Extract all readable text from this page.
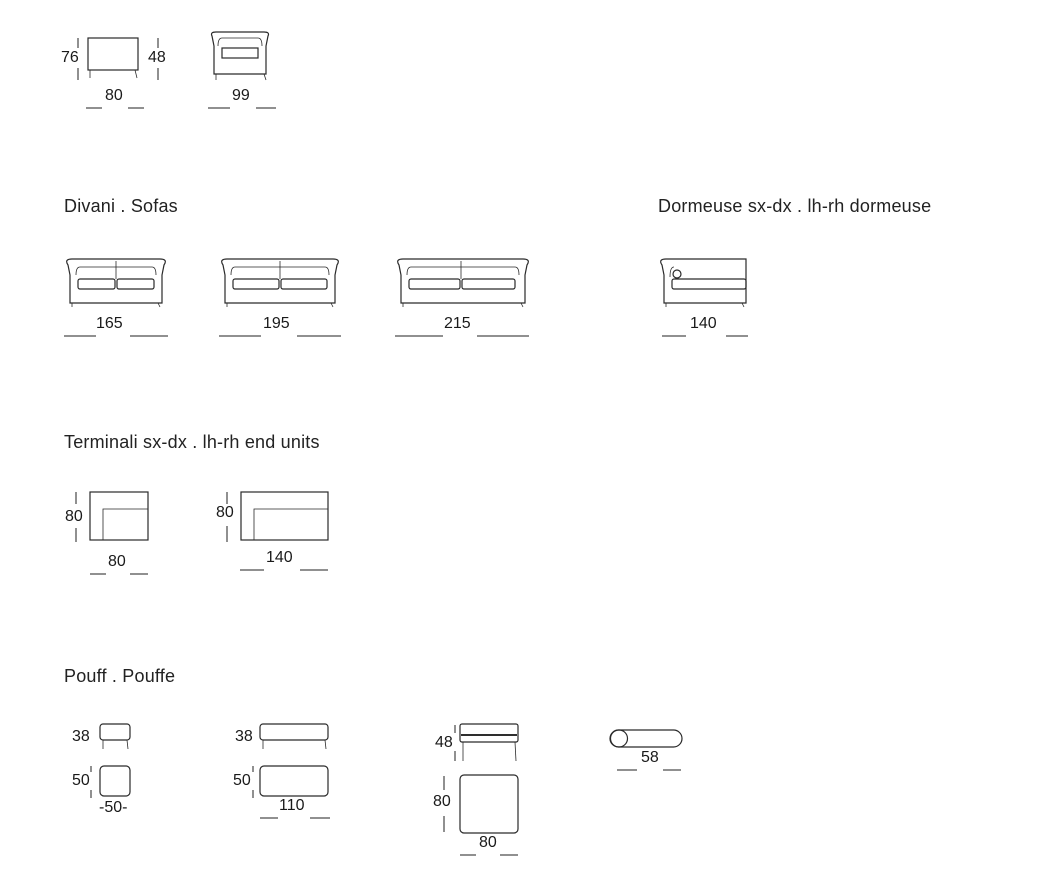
76	48
80	99
Divani . Sofas
165	195	215
Dormeuse sx-dx . lh-rh dormeuse
140
Terminali sx-dx . lh-rh end units
80
80
80
140
Pouff . Pouffe
38
50
-50-
38
50
110
48
80
80
58
